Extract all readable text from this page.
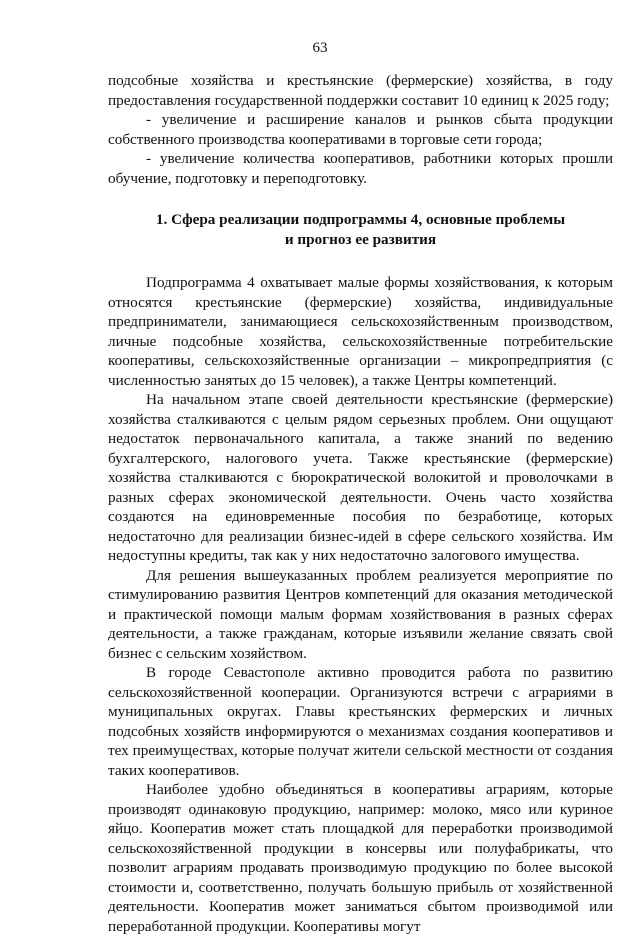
63

подсобные хозяйства и крестьянские (фермерские) хозяйства, в году предоставления государственной поддержки составит 10 единиц к 2025 году;

- увеличение и расширение каналов и рынков сбыта продукции собственного производства кооперативами в торговые сети города;

- увеличение количества кооперативов, работники которых прошли обучение, подготовку и переподготовку.

1. Сфера реализации подпрограммы 4, основные проблемы
и прогноз ее развития

Подпрограмма 4 охватывает малые формы хозяйствования, к которым относятся крестьянские (фермерские) хозяйства, индивидуальные предприниматели, занимающиеся сельскохозяйственным производством, личные подсобные хозяйства, сельскохозяйственные потребительские кооперативы, сельскохозяйственные организации – микропредприятия (с численностью занятых до 15 человек), а также Центры компетенций.

На начальном этапе своей деятельности крестьянские (фермерские) хозяйства сталкиваются с целым рядом серьезных проблем. Они ощущают недостаток первоначального капитала, а также знаний по ведению бухгалтерского, налогового учета. Также крестьянские (фермерские) хозяйства сталкиваются с бюрократической волокитой и проволочками в разных сферах экономической деятельности. Очень часто хозяйства создаются на единовременные пособия по безработице, которых недостаточно для реализации бизнес-идей в сфере сельского хозяйства. Им недоступны кредиты, так как у них недостаточно залогового имущества.

Для решения вышеуказанных проблем реализуется мероприятие по стимулированию развития Центров компетенций для оказания методической и практической помощи малым формам хозяйствования в разных сферах деятельности, а также гражданам, которые изъявили желание связать свой бизнес с сельским хозяйством.

В городе Севастополе активно проводится работа по развитию сельскохозяйственной кооперации. Организуются встречи с аграриями в муниципальных округах. Главы крестьянских фермерских и личных подсобных хозяйств информируются о механизмах создания кооперативов и тех преимуществах, которые получат жители сельской местности от создания таких кооперативов.

Наиболее удобно объединяться в кооперативы аграриям, которые производят одинаковую продукцию, например: молоко, мясо или куриное яйцо. Кооператив может стать площадкой для переработки производимой сельскохозяйственной продукции в консервы или полуфабрикаты, что позволит аграриям продавать производимую продукцию по более высокой стоимости и, соответственно, получать большую прибыль от хозяйственной деятельности. Кооператив может заниматься сбытом производимой или переработанной продукции. Кооперативы могут
